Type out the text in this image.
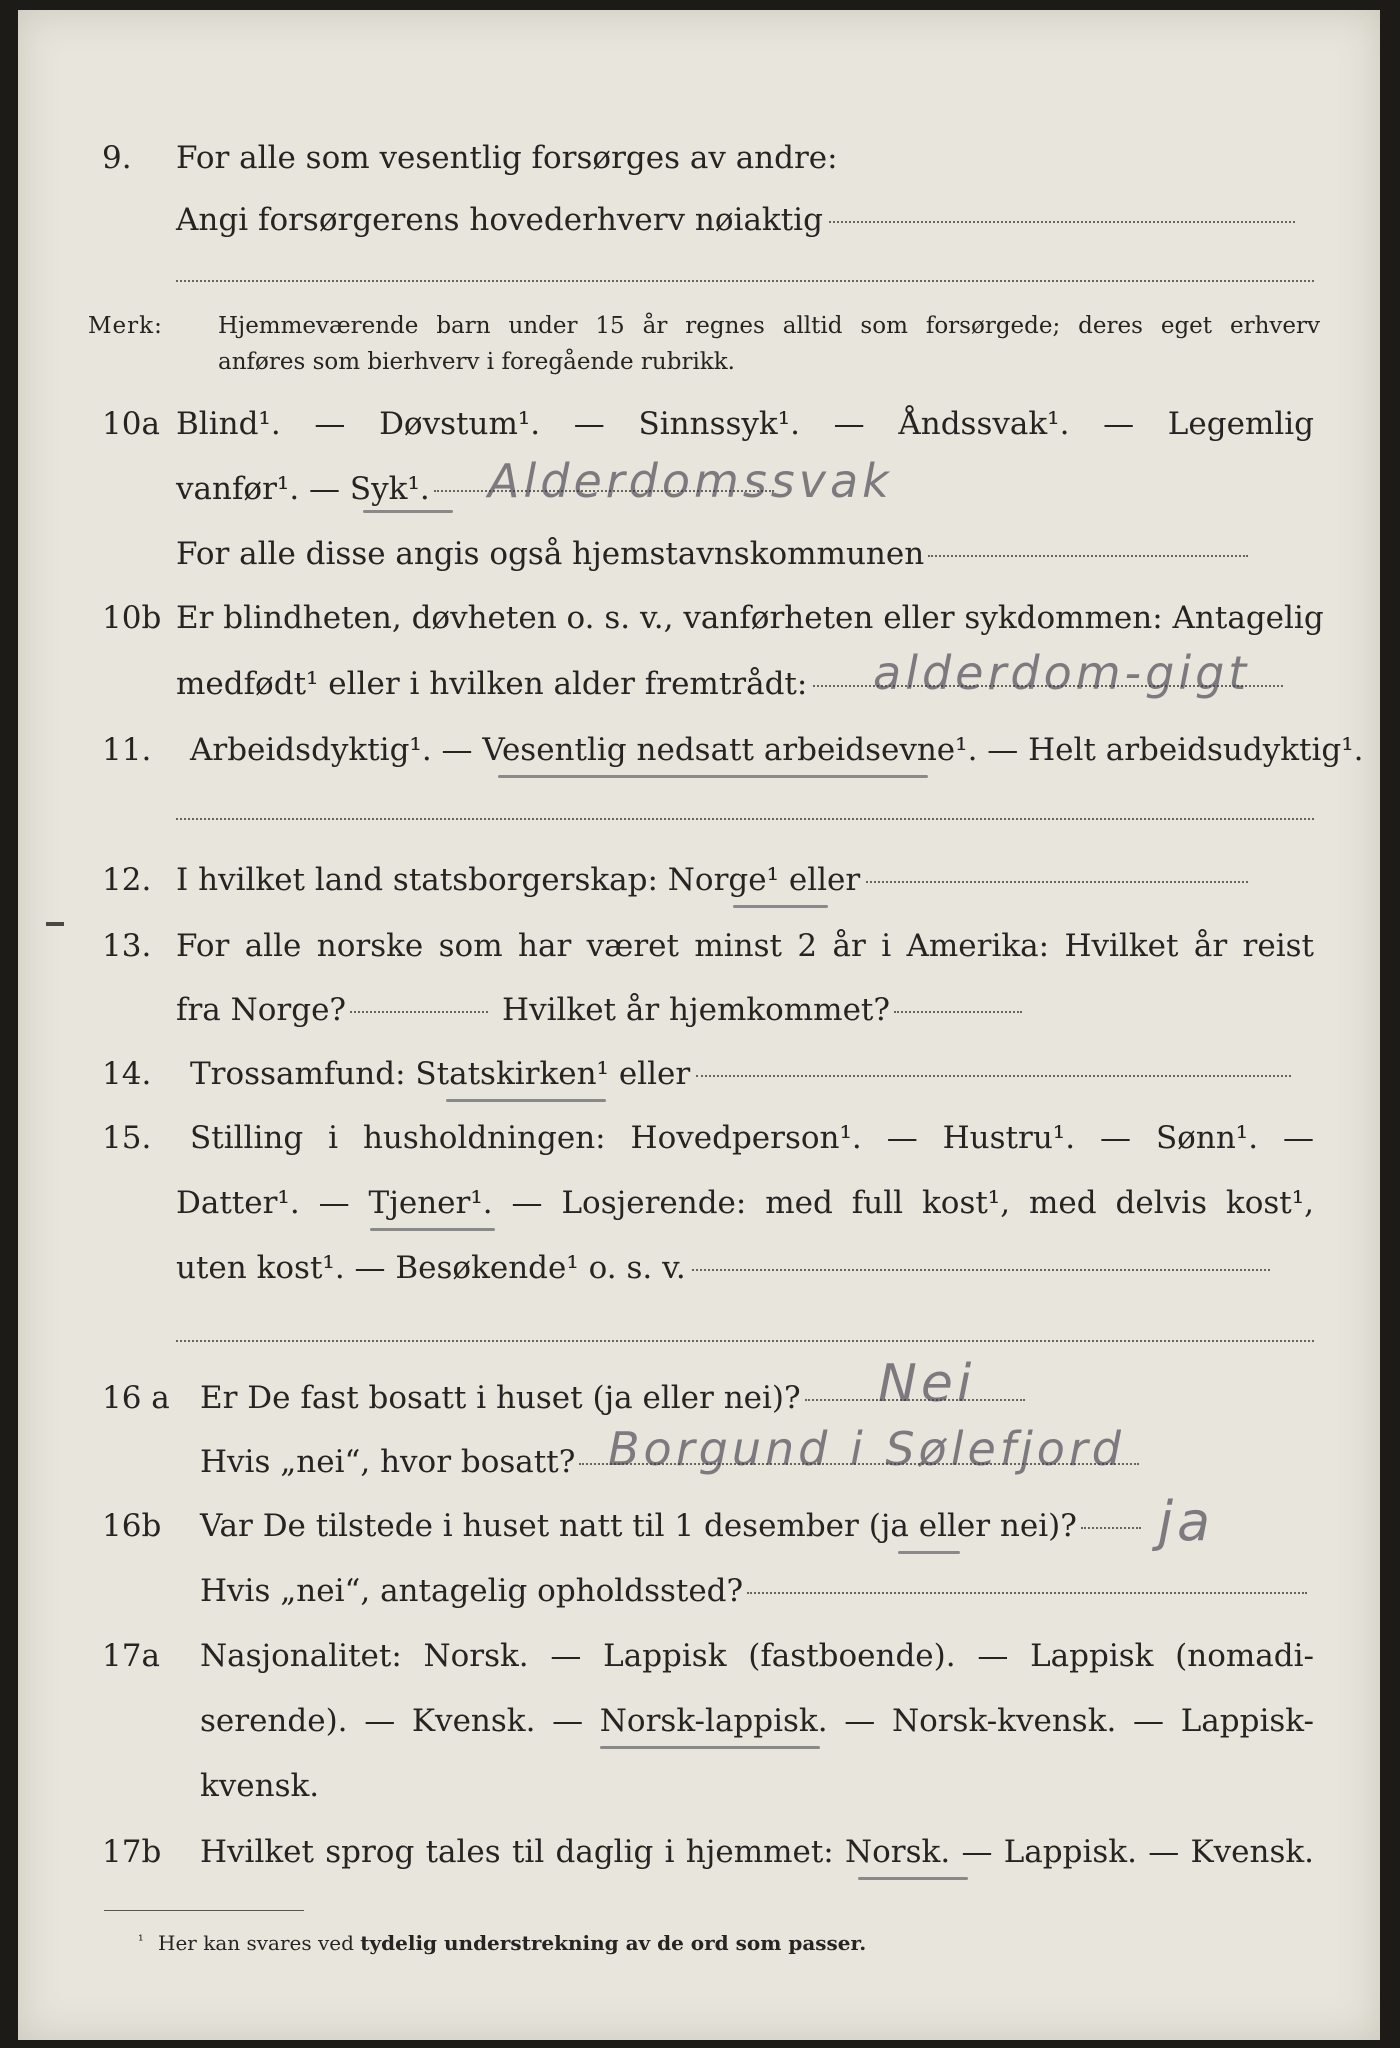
9. For alle som vesentlig forsørges av andre:
Angi forsørgerens hovederhverv nøiaktig
Merk: Hjemmeværende barn under 15 år regnes alltid som forsørgede; deres eget erhverv
anføres som bierhverv i foregående rubrikk.
10a Blind¹. — Døvstum¹. — Sinnssyk¹. — Åndssvak¹. — Legemlig
vanfør¹. — Syk¹.	Alderdomssvak
For alle disse angis også hjemstavnskommunen
10b Er blindheten, døvheten o. s. v., vanførheten eller sykdommen: Antagelig
medfødt¹ eller i hvilken alder fremtrådt:	alderdom-gigt
11. Arbeidsdyktig¹. — Vesentlig nedsatt arbeidsevne¹. — Helt arbeidsudyktig¹.
12. I hvilket land statsborgerskap: Norge¹ eller
13. For alle norske som har været minst 2 år i Amerika: Hvilket år reist
fra Norge?	Hvilket år hjemkommet?
14. Trossamfund: Statskirken¹ eller
15. Stilling i husholdningen: Hovedperson¹. — Hustru¹. — Sønn¹. —
Datter¹. — Tjener¹. — Losjerende: med full kost¹, med delvis kost¹,
uten kost¹. — Besøkende¹ o. s. v.
16 a Er De fast bosatt i huset (ja eller nei)?	Nei
Hvis „nei“, hvor bosatt? Borgund i Sølefjord
16b Var De tilstede i huset natt til 1 desember (ja eller nei)?	ja
Hvis „nei“, antagelig opholdssted?
17a Nasjonalitet: Norsk. — Lappisk (fastboende). — Lappisk (nomadi-
serende). — Kvensk. — Norsk-lappisk. — Norsk-kvensk. — Lappisk-
kvensk.
17b Hvilket sprog tales til daglig i hjemmet: Norsk. — Lappisk. — Kvensk.
¹ Her kan svares ved tydelig understrekning av de ord som passer.
